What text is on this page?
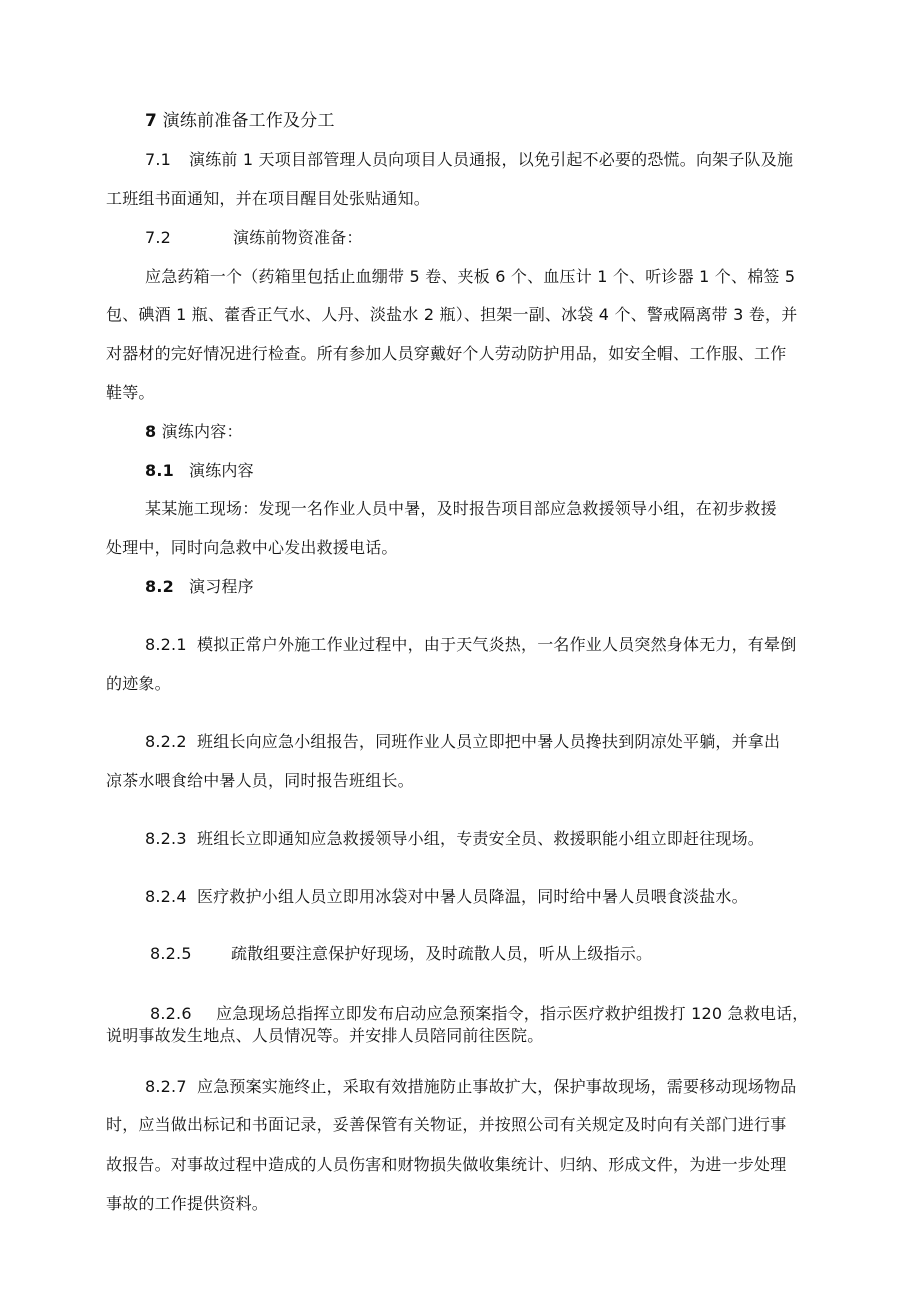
7 演练前准备工作及分工
7.1 演练前 1 天项目部管理人员向项目人员通报，以免引起不必要的恐慌。向架子队及施
工班组书面通知，并在项目醒目处张贴通知。
7.2	演练前物资准备：
应急药箱一个（药箱里包括止血绷带 5 卷、夹板 6 个、血压计 1 个、听诊器 1 个、棉签 5
包、碘酒 1 瓶、藿香正气水、人丹、淡盐水 2 瓶）、担架一副、冰袋 4 个、警戒隔离带 3 卷，并
对器材的完好情况进行检查。所有参加人员穿戴好个人劳动防护用品，如安全帽、工作服、工作
鞋等。
8 演练内容：
8.1 演练内容
某某施工现场：发现一名作业人员中暑，及时报告项目部应急救援领导小组，在初步救援
处理中，同时向急救中心发出救援电话。
8.2 演习程序
8.2.1 模拟正常户外施工作业过程中，由于天气炎热，一名作业人员突然身体无力，有晕倒
的迹象。
8.2.2 班组长向应急小组报告，同班作业人员立即把中暑人员搀扶到阴凉处平躺，并拿出
凉茶水喂食给中暑人员，同时报告班组长。
8.2.3 班组长立即通知应急救援领导小组，专责安全员、救援职能小组立即赶往现场。
8.2.4 医疗救护小组人员立即用冰袋对中暑人员降温，同时给中暑人员喂食淡盐水。
8.2.5 疏散组要注意保护好现场，及时疏散人员，听从上级指示。
8.2.6 应急现场总指挥立即发布启动应急预案指令，指示医疗救护组拨打 120 急救电话，
说明事故发生地点、人员情况等。并安排人员陪同前往医院。
8.2.7 应急预案实施终止，采取有效措施防止事故扩大，保护事故现场，需要移动现场物品
时，应当做出标记和书面记录，妥善保管有关物证，并按照公司有关规定及时向有关部门进行事
故报告。对事故过程中造成的人员伤害和财物损失做收集统计、归纳、形成文件，为进一步处理
事故的工作提供资料。
